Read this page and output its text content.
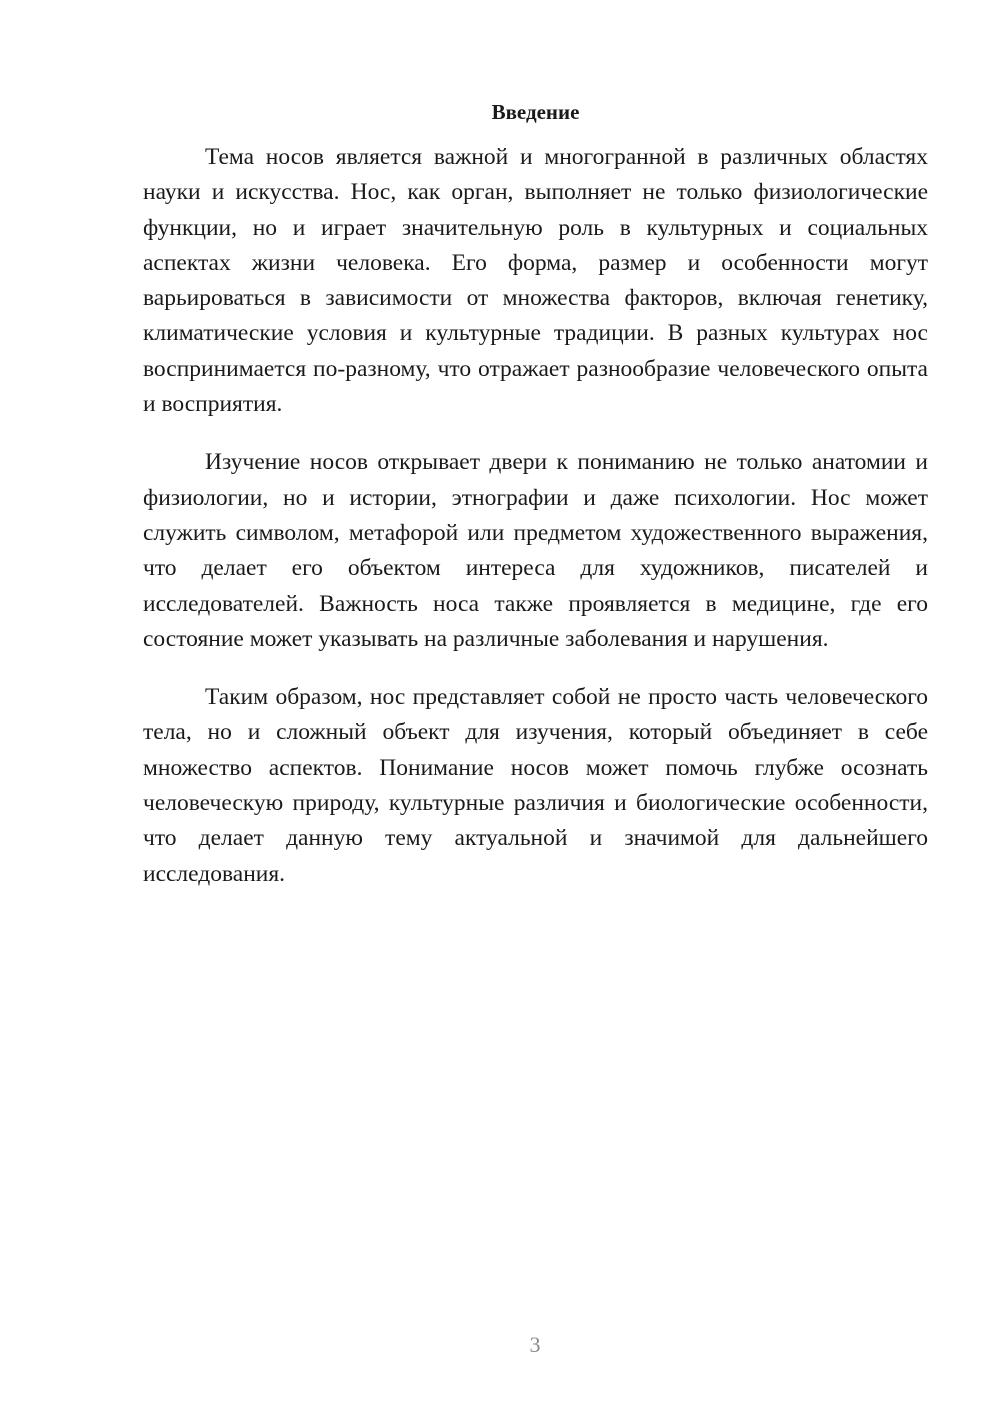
Введение

Тема носов является важной и многогранной в различных областях науки и искусства. Нос, как орган, выполняет не только физиологические функции, но и играет значительную роль в культурных и социальных аспектах жизни человека. Его форма, размер и особенности могут варьироваться в зависимости от множества факторов, включая генетику, климатические условия и культурные традиции. В разных культурах нос воспринимается по-разному, что отражает разнообразие человеческого опыта и восприятия.

Изучение носов открывает двери к пониманию не только анатомии и физиологии, но и истории, этнографии и даже психологии. Нос может служить символом, метафорой или предметом художественного выражения, что делает его объектом интереса для художников, писателей и исследователей. Важность носа также проявляется в медицине, где его состояние может указывать на различные заболевания и нарушения.

Таким образом, нос представляет собой не просто часть человеческого тела, но и сложный объект для изучения, который объединяет в себе множество аспектов. Понимание носов может помочь глубже осознать человеческую природу, культурные различия и биологические особенности, что делает данную тему актуальной и значимой для дальнейшего исследования.

3
